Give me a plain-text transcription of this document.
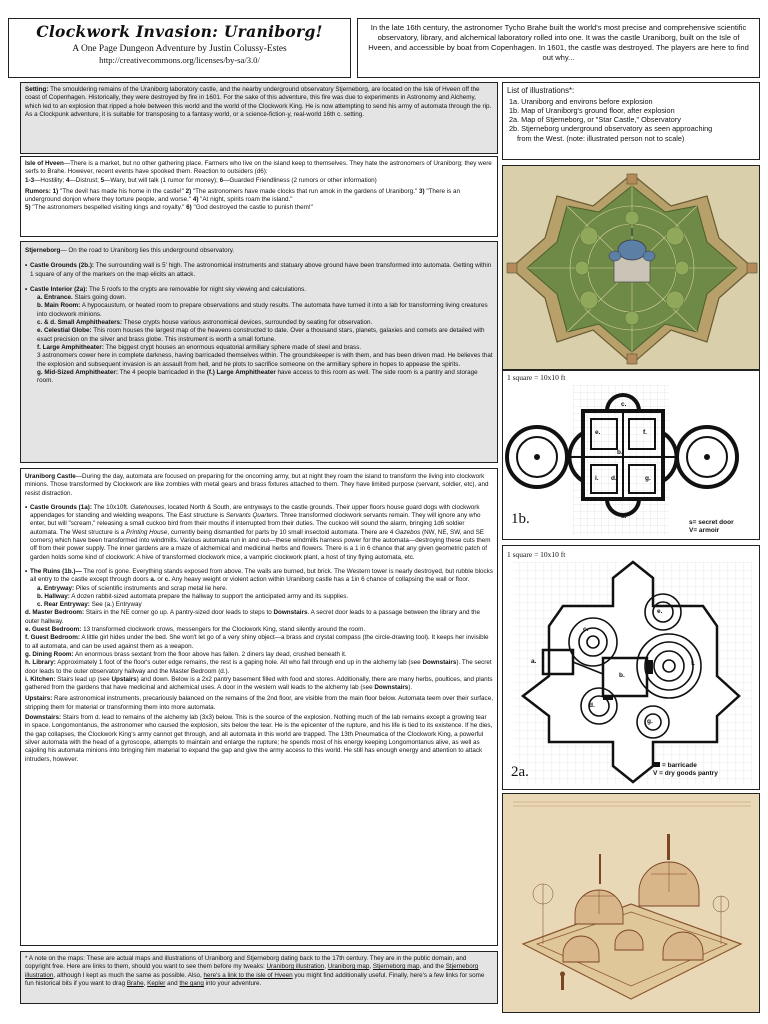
Clockwork Invasion: Uraniborg!
A One Page Dungeon Adventure by Justin Colussy-Estes
http://creativecommons.org/licenses/by-sa/3.0/
In the late 16th century, the astronomer Tycho Brahe built the world's most precise and comprehensive scientific observatory, library, and alchemical laboratory rolled into one. It was the castle Uraniborg, built on the Isle of Hveen, and accessible by boat from Copenhagen. In 1601, the castle was destroyed. The players are here to find out why...

Setting: The smouldering remains of the Uraniborg laboratory castle, and the nearby underground observatory Stjerneborg, are located on the Isle of Hveen off the coast of Copenhagen. Historically, they were destroyed by fire in 1601. For the sake of this adventure, this fire was due to experiments in Astronomy and Alchemy, which led to an explosion that ripped a hole between this world and the world of the Clockwork King. He is now attempting to send his army of automata through the rip. As a Clockpunk adventure, it is suitable for transposing to a fantasy world, or a science-fiction-y, real-world 16th c. setting.

List of illustrations*:
1a. Uraniborg and environs before explosion
1b. Map of Uraniborg's ground floor, after explosion
2a. Map of Stjerneborg, or "Star Castle," Observatory
2b. Stjerneborg underground observatory as seen approaching
from the West. (note: illustrated person not to scale)

Isle of Hveen—There is a market, but no other gathering place. Farmers who live on the island keep to themselves. They hate the astronomers of Uraniborg; they were serfs to Brahe. However, recent events have spooked them. Reaction to outsiders (d6):
1-3—Hostility; 4—Distrust; 5—Wary, but will talk (1 rumor for money); 6—Guarded Friendliness (2 rumors or other information)

Rumors: 1) "The devil has made his home in the castle!" 2) "The astronomers have made clocks that run amok in the gardens of Uraniborg." 3) "There is an underground donjon where they torture people, and worse." 4) "At night, spirits roam the island."
5) "The astronomers bespelled visiting kings and royalty." 6) "God destroyed the castle to punish them!"

Stjerneborg— On the road to Uraniborg lies this underground observatory.

• Castle Grounds (2b.): The surrounding wall is 5' high. The astronomical instruments and statuary above ground have been transformed into automata. Getting within 1 square of any of the markers on the map elicits an attack.
• Castle Interior (2a): The 5 roofs to the crypts are removable for night sky viewing and calculations.
a. Entrance. Stairs going down.
b. Main Room: A hypocaustum, or heated room to prepare observations and study results. The automata have turned it into a lab for transforming living creatures into clockwork minions.
c. & d. Small Amphitheaters: These crypts house various astronomical devices, surrounded by seating for observation.
e. Celestial Globe: This room houses the largest map of the heavens constructed to date. Over a thousand stars, planets, galaxies and comets are detailed with exact precision on the silver and brass globe. This instrument is worth a small fortune.
f. Large Amphitheater: The biggest crypt houses an enormous equatorial armillary sphere made of steel and brass.
3 astronomers cower here in complete darkness, having barricaded themselves within. The groundskeeper is with them, and has been driven mad. He believes that the explosion and subsequent invasion is an assault from hell, and he plots to sacrifice someone on the armillary sphere in hopes to appease the spirits.
g. Mid-Sized Amphitheater: The 4 people barricaded in the (f.) Large Amphitheater have access to this room as well. The side room is a pantry and storage room.

Uraniborg Castle—During the day, automata are focused on preparing for the oncoming army, but at night they roam the island to transform the living into clockwork minions. Those transformed by Clockwork are like zombies with metal gears and brass fixtures attached to them. They have limited purpose (servant, soldier, etc), and resist distraction.

• Castle Grounds (1a): The 10x10ft. Gatehouses, located North & South, are entryways to the castle grounds. Their upper floors house guard dogs with clockwork appendages for standing and wielding weapons. The East structure is Servants Quarters. Three transformed clockwork servants remain. They will ignore any who enter, but will "scream," releasing a small cuckoo bird from their mouths if interrupted from their duties. The cuckoo will sound the alarm, bringing 1d6 soldier automata. The West structure is a Printing House, currently being dismantled for parts by 10 small insectoid automata. There are 4 Gazebos (NW, NE, SW, and SE corners) which have been transformed into windmills. Various automata run in and out—these windmills harness power for the automata—destroying these cuts them off from their power supply. The inner gardens are a maze of alchemical and medicinal herbs and flowers. There is a 1 in 6 chance that any given geometric patch of garden holds some kind of clockwork: A hive of transformed clockwork mice, a vampiric clockwork plant, a host of tiny flying automata, etc.
• The Ruins (1b.)— The roof is gone. Everything stands exposed from above. The walls are burned, but brick. The Western tower is nearly destroyed, but rubble blocks all entry to the castle except through doors a. or c. Any heavy weight or violent action within Uraniborg castle has a 1in 6 chance of collapsing the wall or floor.
a. Entryway: Piles of scientific instruments and scrap metal lie here.
b. Hallway: A dozen rabbit-sized automata prepare the hallway to support the anticipated army and its supplies.
c. Rear Entryway: See (a.) Entryway
d. Master Bedroom: Stairs in the NE corner go up. A pantry-sized door leads to steps to Downstairs. A secret door leads to a passage between the library and the outer hallway.
e. Guest Bedroom: 13 transformed clockwork crows, messengers for the Clockwork King, stand silently around the room.
f. Guest Bedroom: A little girl hides under the bed. She won't let go of a very shiny object—a brass and crystal compass (the circle-drawing tool). It keeps her invisible to all automata, and can be used against them as a weapon.
g. Dining Room: An enormous brass sextant from the floor above has fallen. 2 diners lay dead, crushed beneath it.
h. Library: Approximately 1 foot of the floor's outer edge remains, the rest is a gaping hole. All who fall through end up in the alchemy lab (see Downstairs). The secret door leads to the outer observatory hallway and the Master Bedroom (d.).
i. Kitchen: Stairs lead up (see Upstairs) and down. Below is a 2x2 pantry basement filled with food and stores. Additionally, there are many herbs, poultices, and plants gathered from the gardens that have medicinal and alchemical uses. A door in the western wall leads to the alchemy lab (see Downstairs).
Upstairs: Rare astronomical instruments, precariously balanced on the remains of the 2nd floor, are visible from the main floor below. Automata teem over their surface, stripping them for material or transforming them into more automata.
Downstairs: Stairs from d. lead to remains of the alchemy lab (3x3) below. This is the source of the explosion. Nothing much of the lab remains except a growing tear in space. Longomontanus, the astronomer who caused the explosion, sits below the tear. He is the epicenter of the rupture, and his life is tied to its existence. If he dies, the gap collapses, the Clockwork King's army cannot get through, and all automata in this world are trapped. The 13th Pneumatica of the Clockwork King, a powerful silver automata with the head of a gyroscope, attempts to maintain and enlarge the rupture; he spends most of his energy keeping Longomontanus alive, as well as cajoling his automata minions into bringing him material to expand the gap and give the army access to this world. He still has enough energy and attention to attack intruders, however.
* A note on the maps: These are actual maps and illustrations of Uraniborg and Stjerneborg dating back to the 17th century. They are in the public domain, and copyright free. Here are links to them, should you want to see them before my tweaks: Uraniborg illustration, Uraniborg map, Stjerneborg map, and the Stjerneborg illustration, although I kept as much the same as possible. Also, here's a link to the isle of Hveen you might find additionally useful. Finally, here's a few links for some fun historical bits if you want to drag Brahe, Kepler and the gang into your adventure.
1 square = 10x10 ft
c.
e.	f.
h.
b.
i. d.	g.
a.
1b.	s= secret door
V= armoir
1 square = 10x10 ft
c.
e.
a.
b.
f.
d.
g.
2a.	= barricade
V = dry goods pantry
